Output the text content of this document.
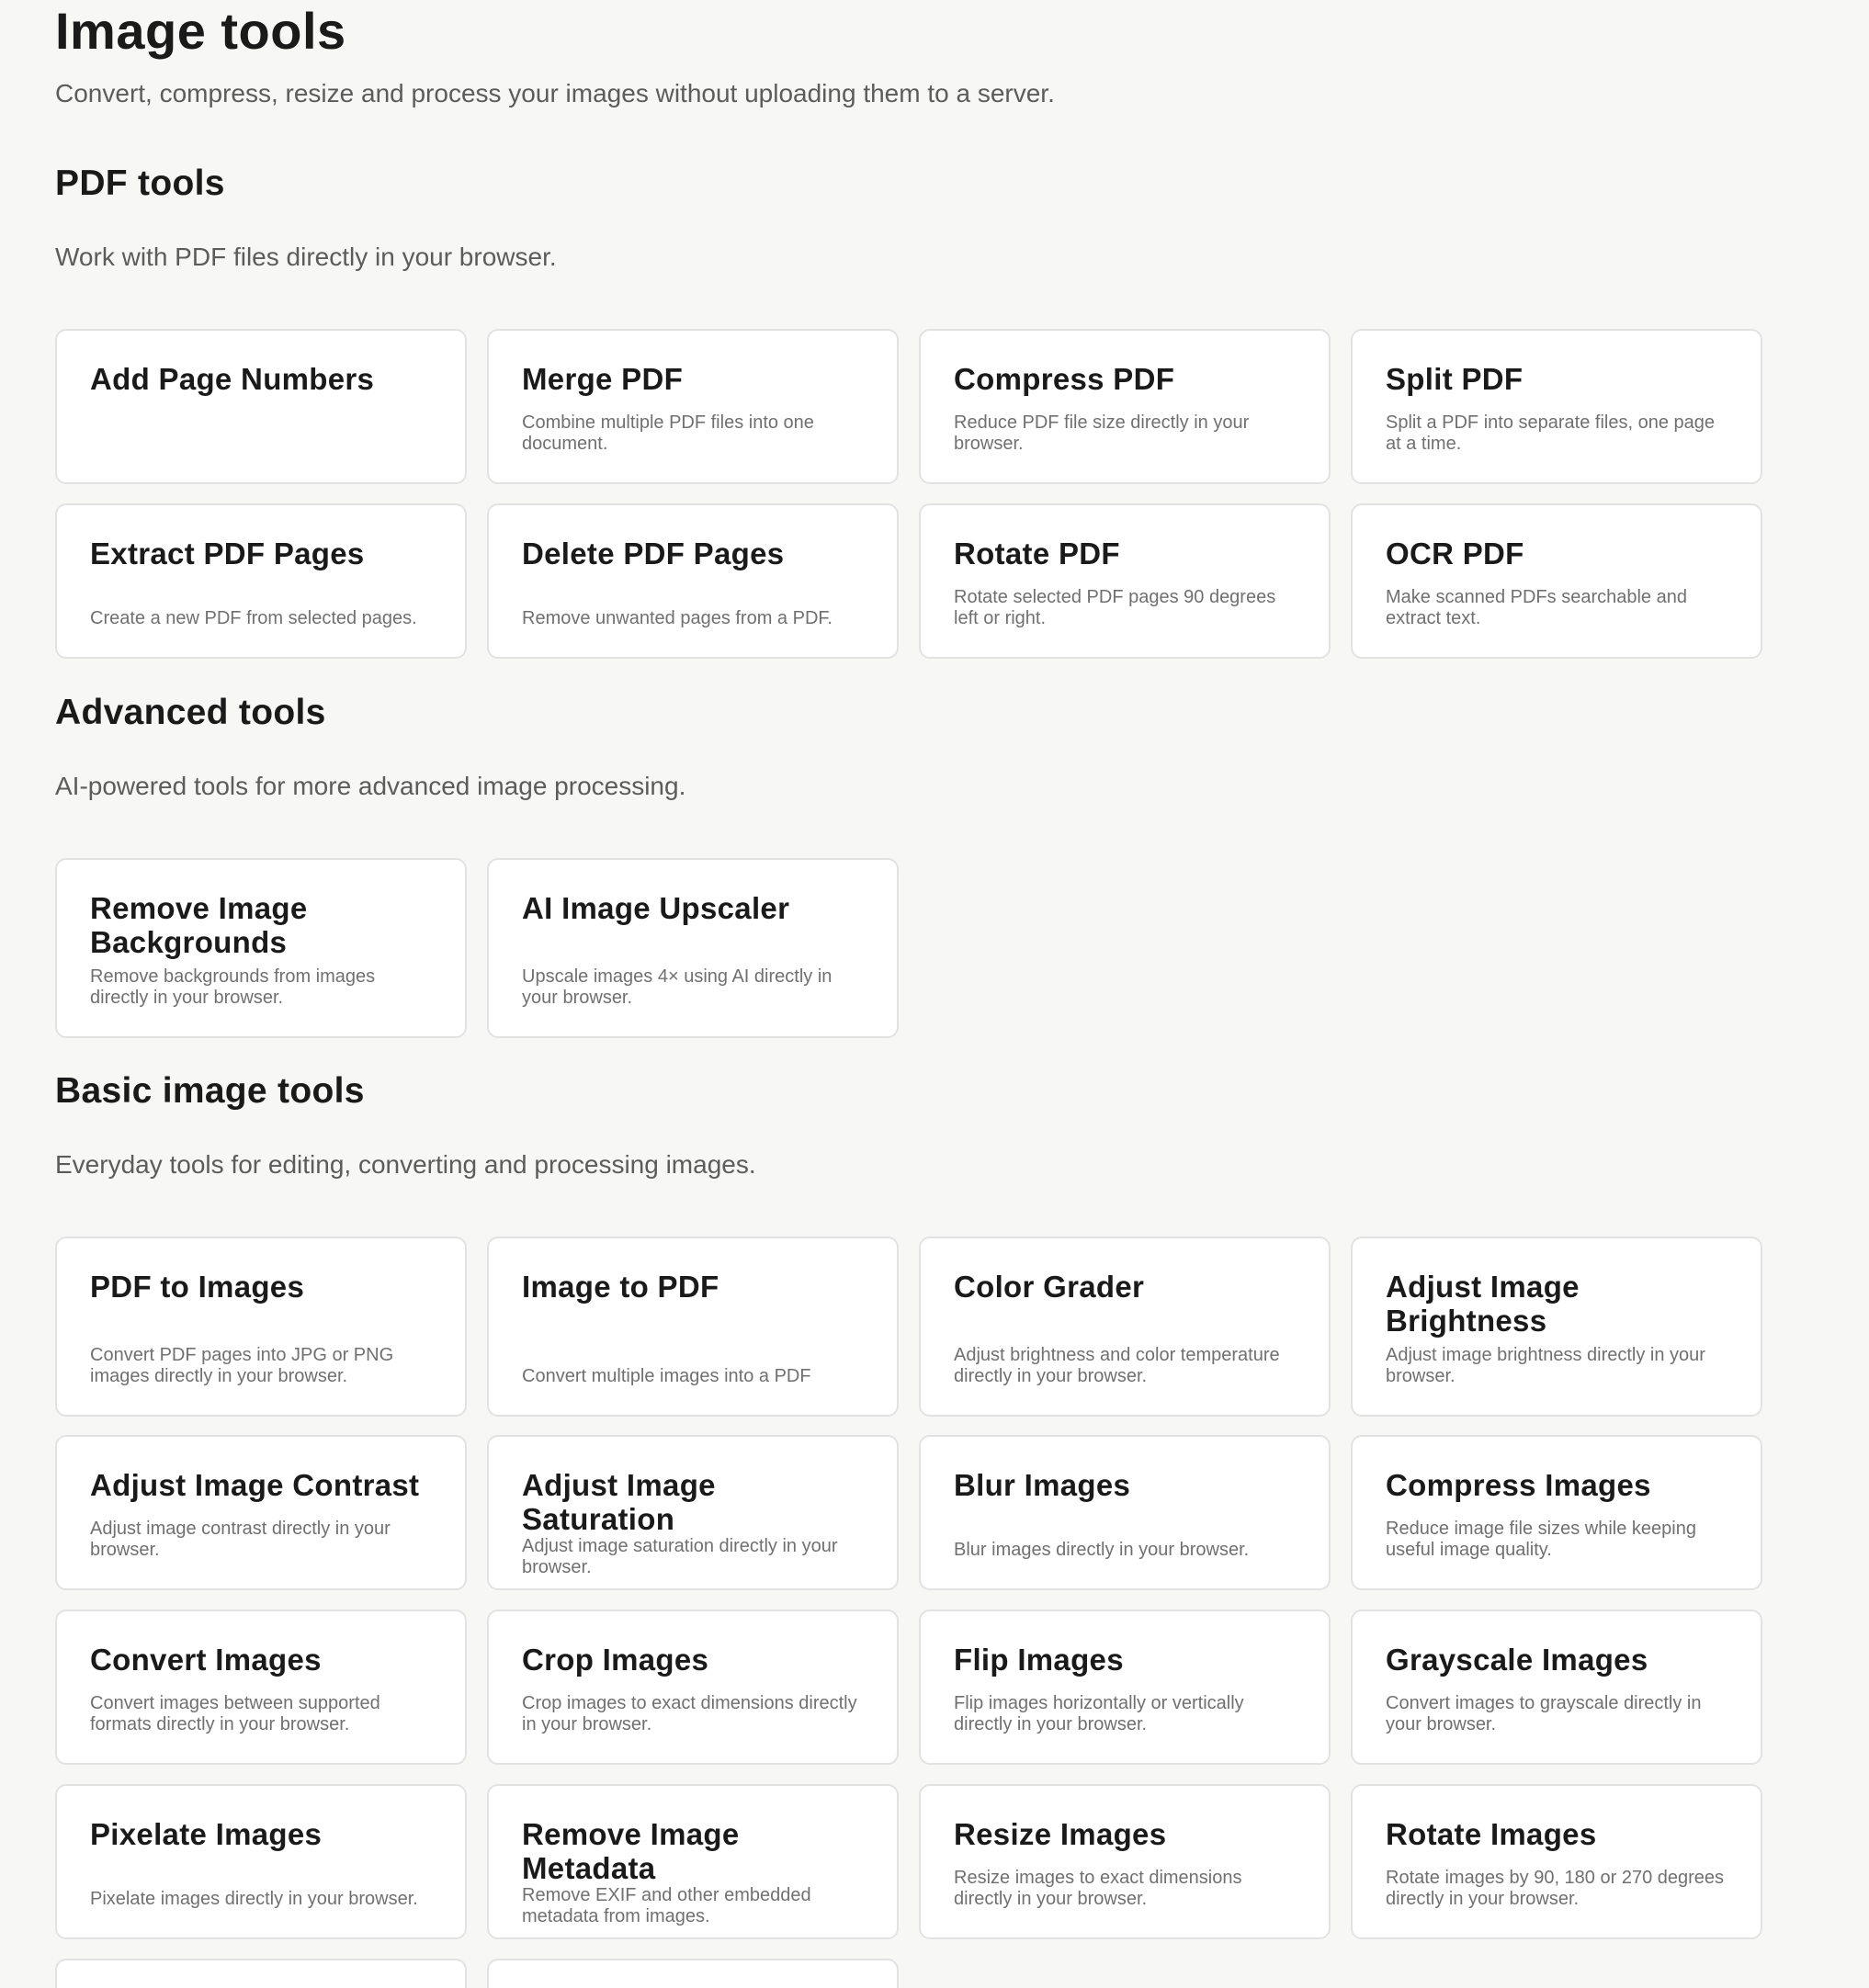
Image tools

Convert, compress, resize and process your images without uploading them to a server.

PDF tools

Work with PDF files directly in your browser.

Add Page Numbers	Merge PDF
Combine multiple PDF files into one document.
Compress PDF
Reduce PDF file size directly in your browser.
Split PDF
Split a PDF into separate files, one page at a time.
Extract PDF Pages
Create a new PDF from selected pages.
Delete PDF Pages
Remove unwanted pages from a PDF.
Rotate PDF
Rotate selected PDF pages 90 degrees left or right.
OCR PDF
Make scanned PDFs searchable and extract text.
Advanced tools

AI-powered tools for more advanced image processing.

Remove Image Backgrounds
Remove backgrounds from images directly in your browser.
AI Image Upscaler
Upscale images 4× using AI directly in your browser.
Basic image tools

Everyday tools for editing, converting and processing images.

PDF to Images
Convert PDF pages into JPG or PNG images directly in your browser.
Image to PDF
Convert multiple images into a PDF
Color Grader
Adjust brightness and color temperature directly in your browser.
Adjust Image Brightness
Adjust image brightness directly in your browser.
Adjust Image Contrast
Adjust image contrast directly in your browser.
Adjust Image Saturation
Adjust image saturation directly in your browser.
Blur Images
Blur images directly in your browser.
Compress Images
Reduce image file sizes while keeping useful image quality.
Convert Images
Convert images between supported formats directly in your browser.
Crop Images
Crop images to exact dimensions directly in your browser.
Flip Images
Flip images horizontally or vertically directly in your browser.
Grayscale Images
Convert images to grayscale directly in your browser.
Pixelate Images
Pixelate images directly in your browser.
Remove Image Metadata
Remove EXIF and other embedded metadata from images.
Resize Images
Resize images to exact dimensions directly in your browser.
Rotate Images
Rotate images by 90, 180 or 270 degrees directly in your browser.
